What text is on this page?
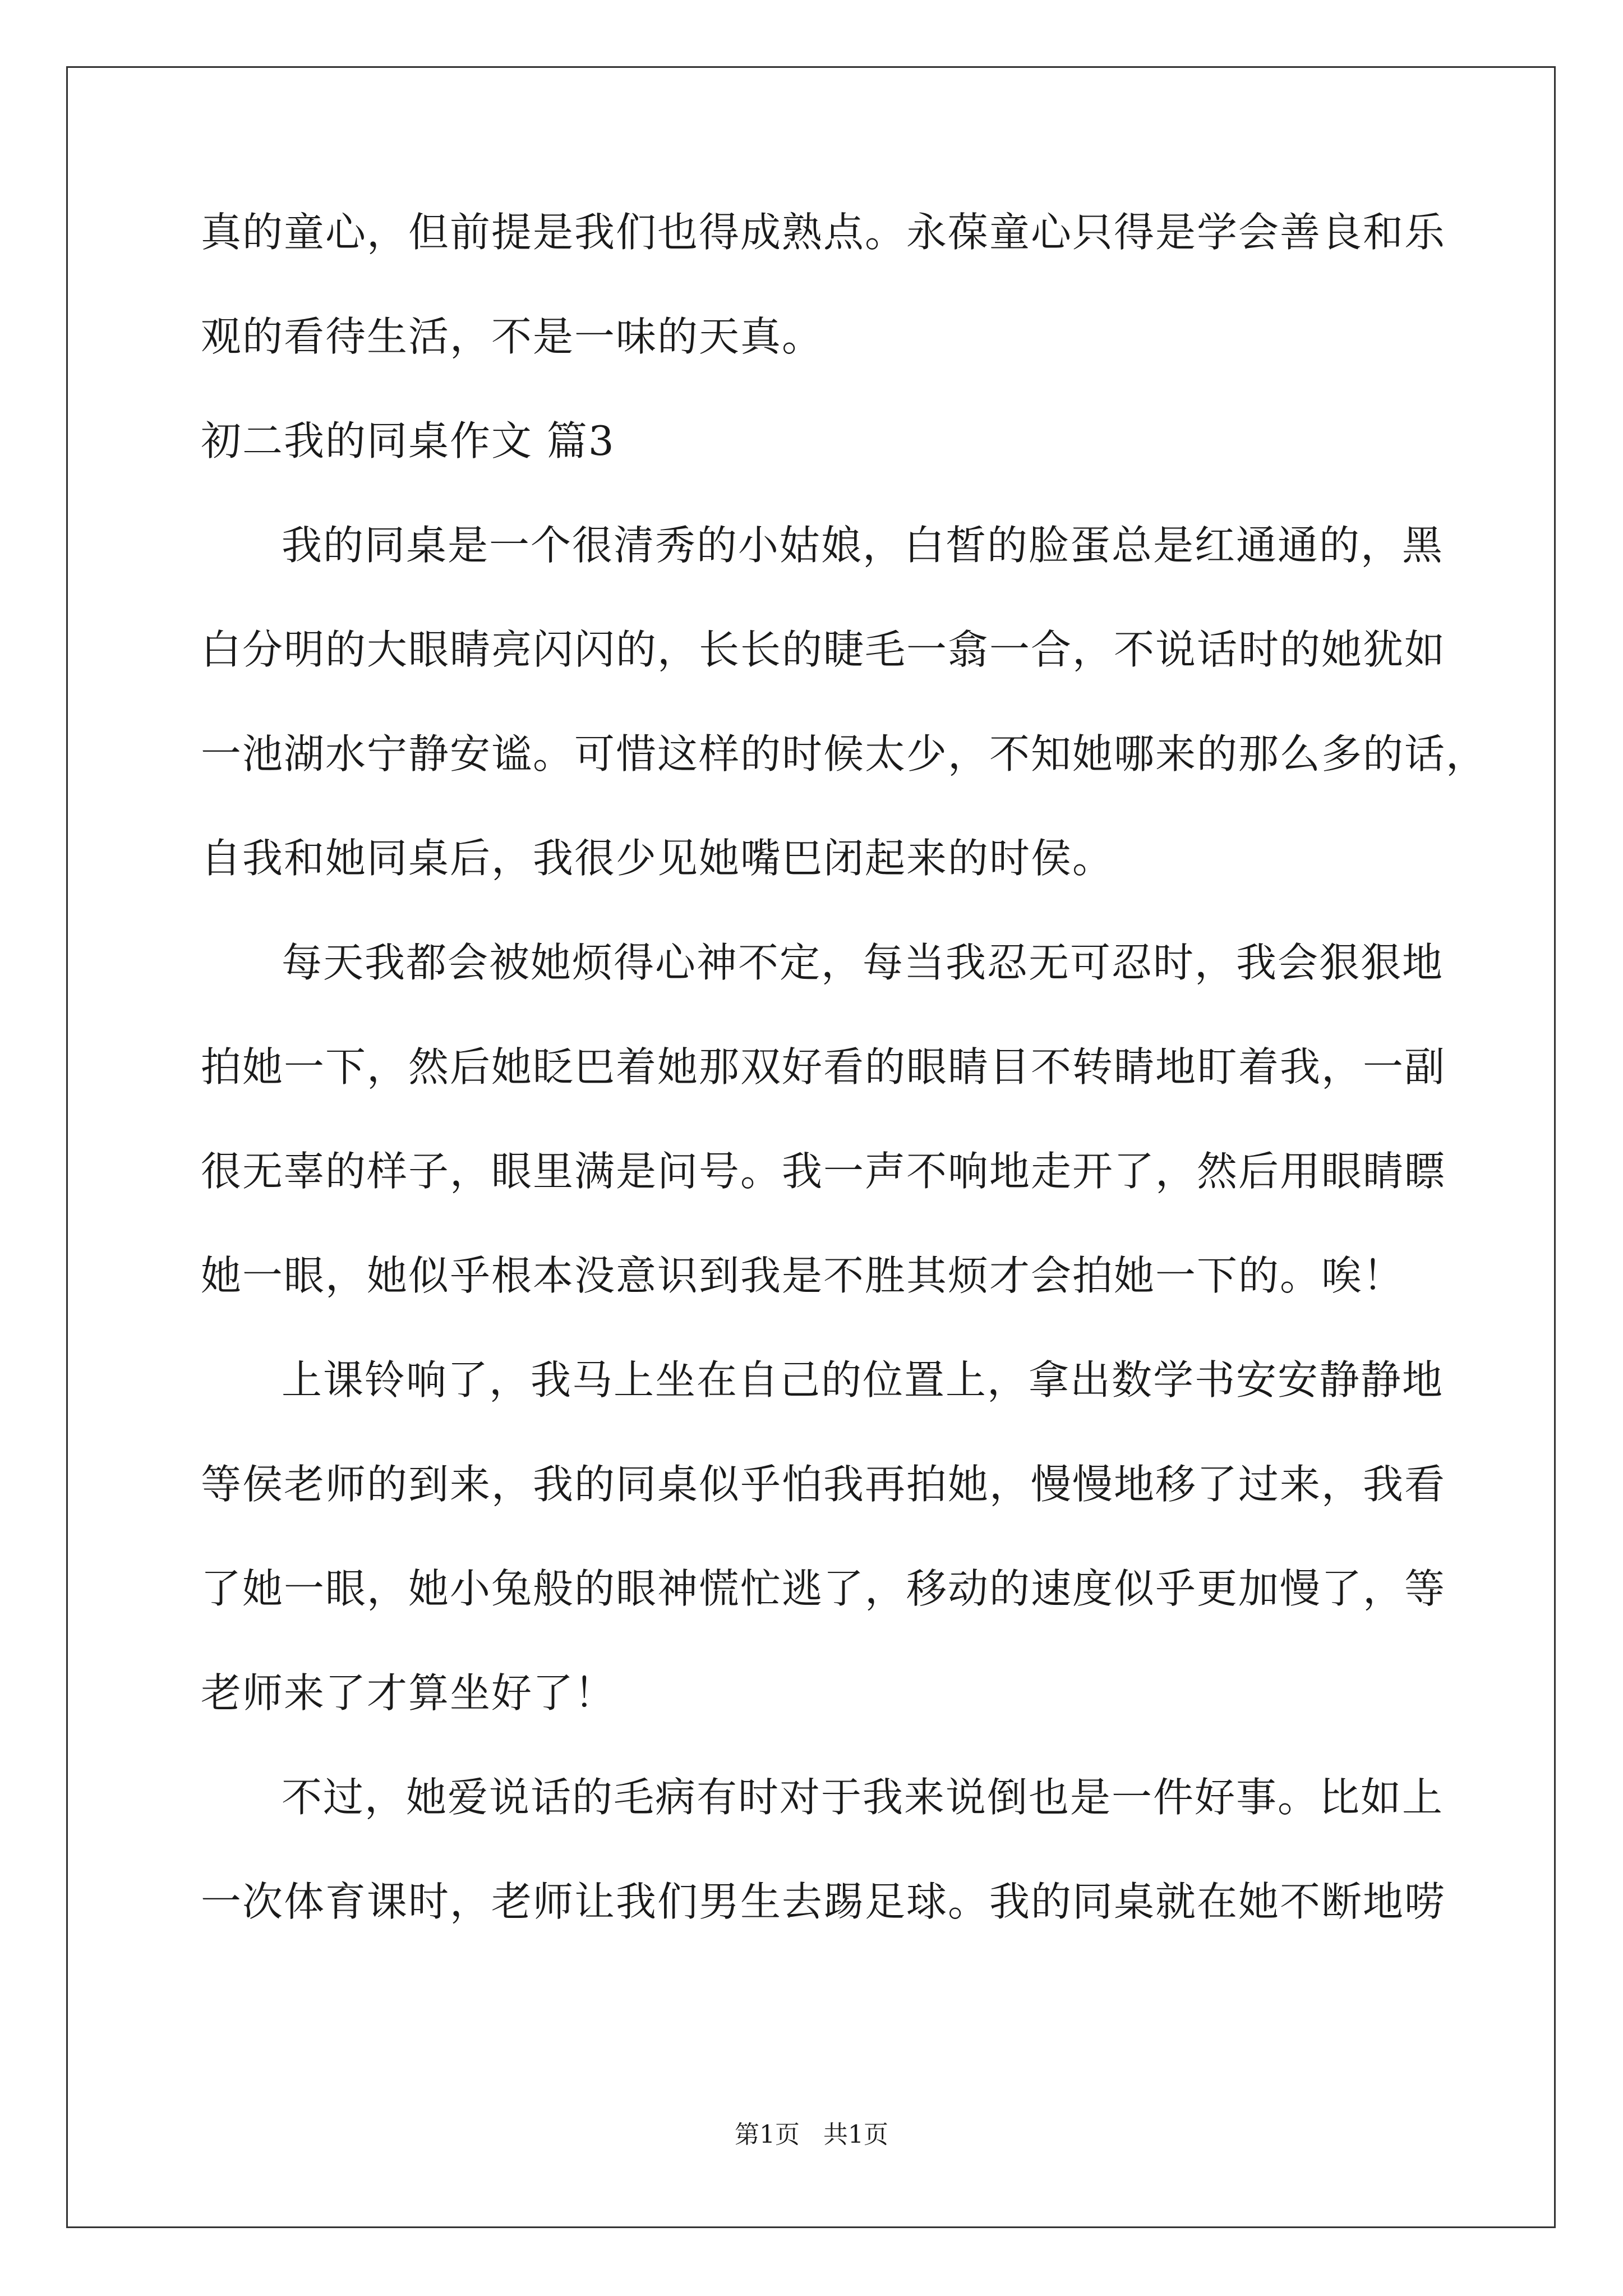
真的童心，但前提是我们也得成熟点。永葆童心只得是学会善良和乐
观的看待生活，不是一味的天真。
初二我的同桌作文 篇3
我的同桌是一个很清秀的小姑娘，白皙的脸蛋总是红通通的，黑
白分明的大眼睛亮闪闪的，长长的睫毛一翕一合，不说话时的她犹如
一池湖水宁静安谧。可惜这样的时候太少，不知她哪来的那么多的话，
自我和她同桌后，我很少见她嘴巴闭起来的时侯。
每天我都会被她烦得心神不定，每当我忍无可忍时，我会狠狠地
拍她一下，然后她眨巴着她那双好看的眼睛目不转睛地盯着我，一副
很无辜的样子，眼里满是问号。我一声不响地走开了，然后用眼睛瞟
她一眼，她似乎根本没意识到我是不胜其烦才会拍她一下的。唉！
上课铃响了，我马上坐在自己的位置上，拿出数学书安安静静地
等侯老师的到来，我的同桌似乎怕我再拍她，慢慢地移了过来，我看
了她一眼，她小兔般的眼神慌忙逃了，移动的速度似乎更加慢了，等
老师来了才算坐好了！
不过，她爱说话的毛病有时对于我来说倒也是一件好事。比如上
一次体育课时，老师让我们男生去踢足球。我的同桌就在她不断地唠
第1页   共1页
